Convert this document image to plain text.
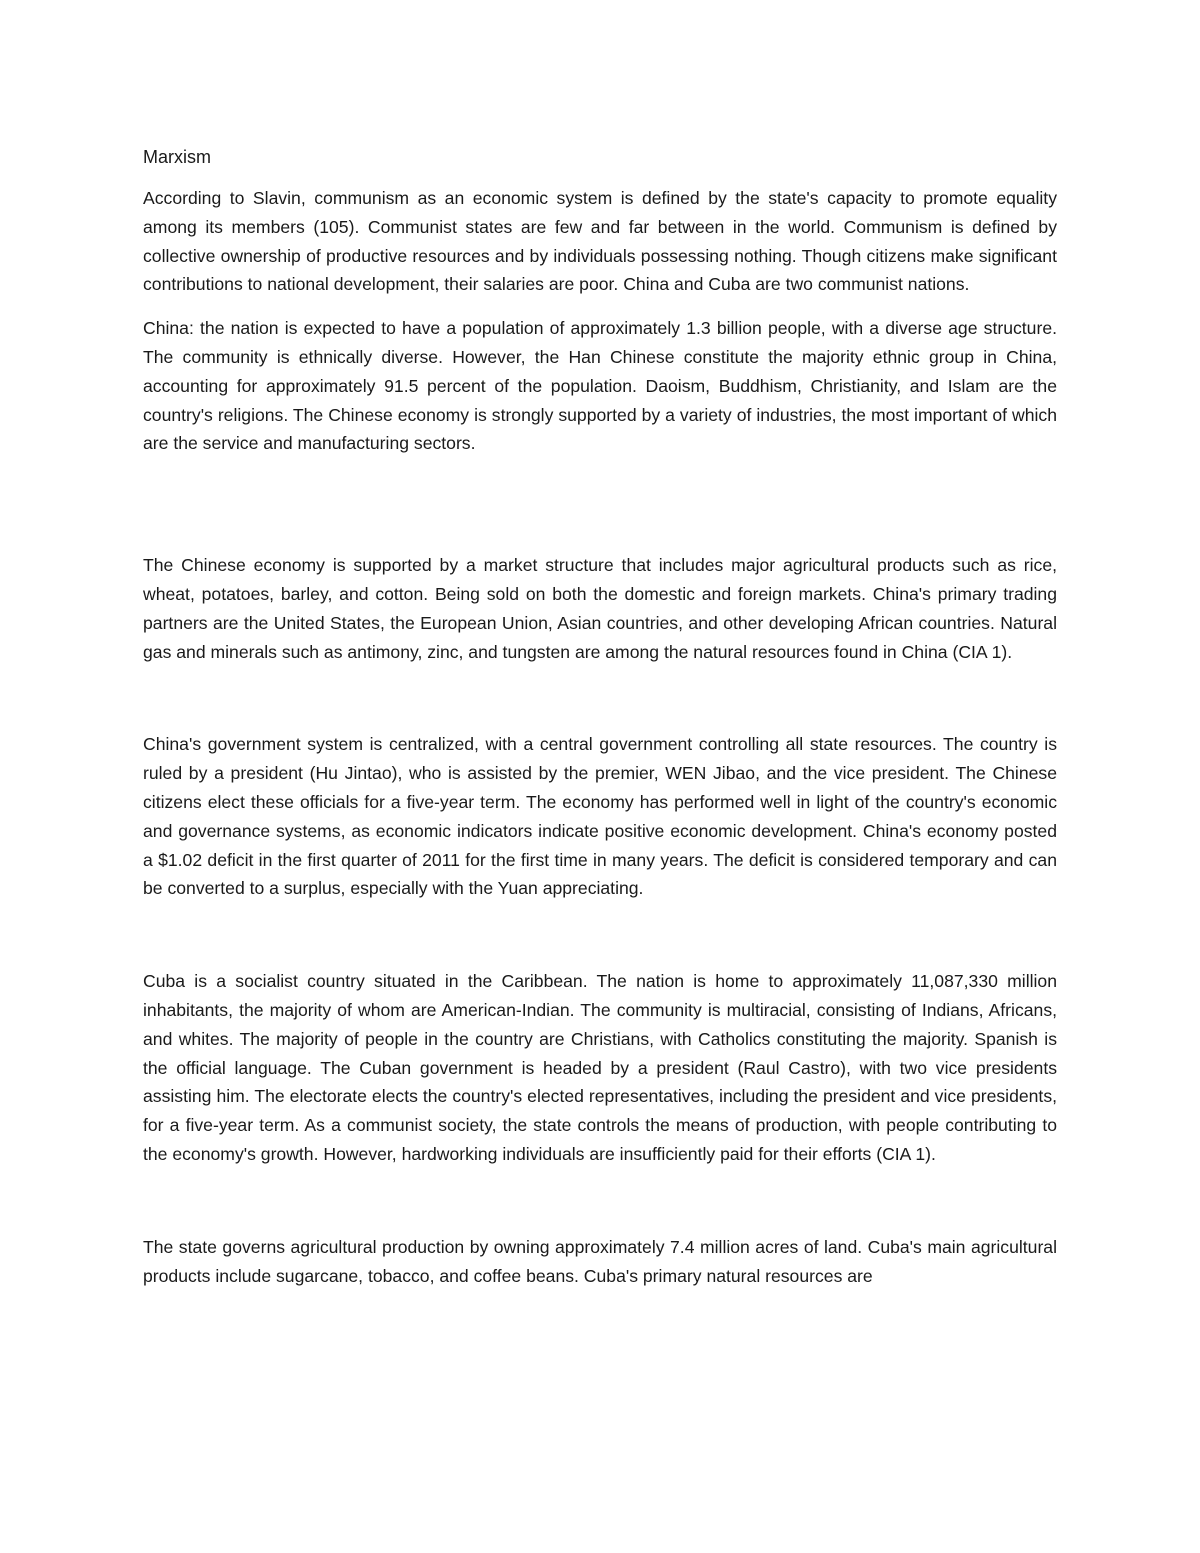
Marxism

According to Slavin, communism as an economic system is defined by the state's capacity to promote equality among its members (105). Communist states are few and far between in the world. Communism is defined by collective ownership of productive resources and by individuals possessing nothing. Though citizens make significant contributions to national development, their salaries are poor. China and Cuba are two communist nations.

China: the nation is expected to have a population of approximately 1.3 billion people, with a diverse age structure. The community is ethnically diverse. However, the Han Chinese constitute the majority ethnic group in China, accounting for approximately 91.5 percent of the population. Daoism, Buddhism, Christianity, and Islam are the country's religions. The Chinese economy is strongly supported by a variety of industries, the most important of which are the service and manufacturing sectors.

The Chinese economy is supported by a market structure that includes major agricultural products such as rice, wheat, potatoes, barley, and cotton. Being sold on both the domestic and foreign markets. China's primary trading partners are the United States, the European Union, Asian countries, and other developing African countries. Natural gas and minerals such as antimony, zinc, and tungsten are among the natural resources found in China (CIA 1).

China's government system is centralized, with a central government controlling all state resources. The country is ruled by a president (Hu Jintao), who is assisted by the premier, WEN Jibao, and the vice president. The Chinese citizens elect these officials for a five-year term. The economy has performed well in light of the country's economic and governance systems, as economic indicators indicate positive economic development. China's economy posted a $1.02 deficit in the first quarter of 2011 for the first time in many years. The deficit is considered temporary and can be converted to a surplus, especially with the Yuan appreciating.

Cuba is a socialist country situated in the Caribbean. The nation is home to approximately 11,087,330 million inhabitants, the majority of whom are American-Indian. The community is multiracial, consisting of Indians, Africans, and whites. The majority of people in the country are Christians, with Catholics constituting the majority. Spanish is the official language. The Cuban government is headed by a president (Raul Castro), with two vice presidents assisting him. The electorate elects the country's elected representatives, including the president and vice presidents, for a five-year term. As a communist society, the state controls the means of production, with people contributing to the economy's growth. However, hardworking individuals are insufficiently paid for their efforts (CIA 1).

The state governs agricultural production by owning approximately 7.4 million acres of land. Cuba's main agricultural products include sugarcane, tobacco, and coffee beans. Cuba's primary natural resources are
